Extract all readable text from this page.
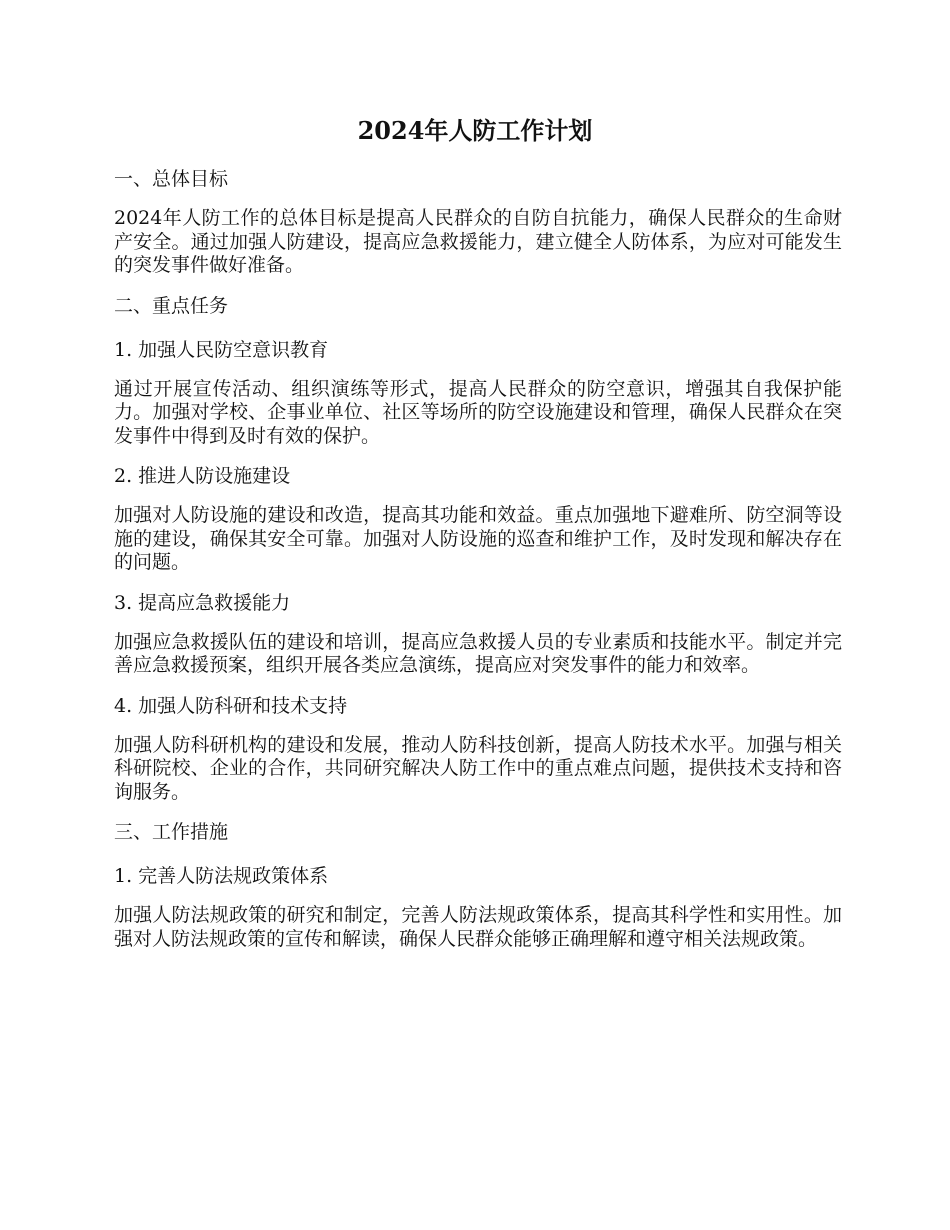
2024年人防工作计划
一、总体目标

2024年人防工作的总体目标是提高人民群众的自防自抗能力，确保人民群众的生命财产安全。通过加强人防建设，提高应急救援能力，建立健全人防体系，为应对可能发生的突发事件做好准备。

二、重点任务
1. 加强人民防空意识教育

通过开展宣传活动、组织演练等形式，提高人民群众的防空意识，增强其自我保护能力。加强对学校、企事业单位、社区等场所的防空设施建设和管理，确保人民群众在突发事件中得到及时有效的保护。

2. 推进人防设施建设

加强对人防设施的建设和改造，提高其功能和效益。重点加强地下避难所、防空洞等设施的建设，确保其安全可靠。加强对人防设施的巡查和维护工作，及时发现和解决存在的问题。

3. 提高应急救援能力

加强应急救援队伍的建设和培训，提高应急救援人员的专业素质和技能水平。制定并完善应急救援预案，组织开展各类应急演练，提高应对突发事件的能力和效率。

4. 加强人防科研和技术支持

加强人防科研机构的建设和发展，推动人防科技创新，提高人防技术水平。加强与相关科研院校、企业的合作，共同研究解决人防工作中的重点难点问题，提供技术支持和咨询服务。

三、工作措施
1. 完善人防法规政策体系

加强人防法规政策的研究和制定，完善人防法规政策体系，提高其科学性和实用性。加强对人防法规政策的宣传和解读，确保人民群众能够正确理解和遵守相关法规政策。
